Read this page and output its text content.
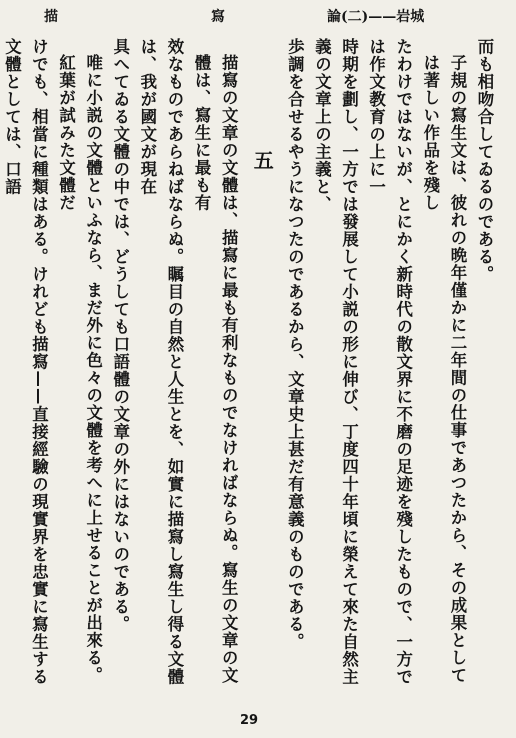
描	寫	論(二)——岩城

而も相吻合してゐるのである。

子規の寫生文は、彼れの晩年僅かに二年間の仕事であつたから、その成果としては著しい作品を殘し

たわけではないが、とにかく新時代の散文界に不磨の足迹を殘したもので、一方では作文教育の上に一

時期を劃し、一方では發展して小説の形に伸び、丁度四十年頃に榮えて來た自然主義の文章上の主義と、

歩調を合せるやうになつたのであるから、文章史上甚だ有意義のものである。

五

描寫の文章の文體は、描寫に最も有利なものでなければならぬ。寫生の文章の文體は、寫生に最も有

效なものであらねばならぬ。瞩目の自然と人生とを、如實に描寫し寫生し得る文體は、我が國文が現在

具へてゐる文體の中では、どうしても口語體の文章の外にはないのである。

唯に小説の文體といふなら、まだ外に色々の文體を考へに上せることが出來る。紅葉が試みた文體だ

けでも、相當に種類はある。けれども描寫——直接經驗の現實界を忠實に寫生する文體としては、口語

29
